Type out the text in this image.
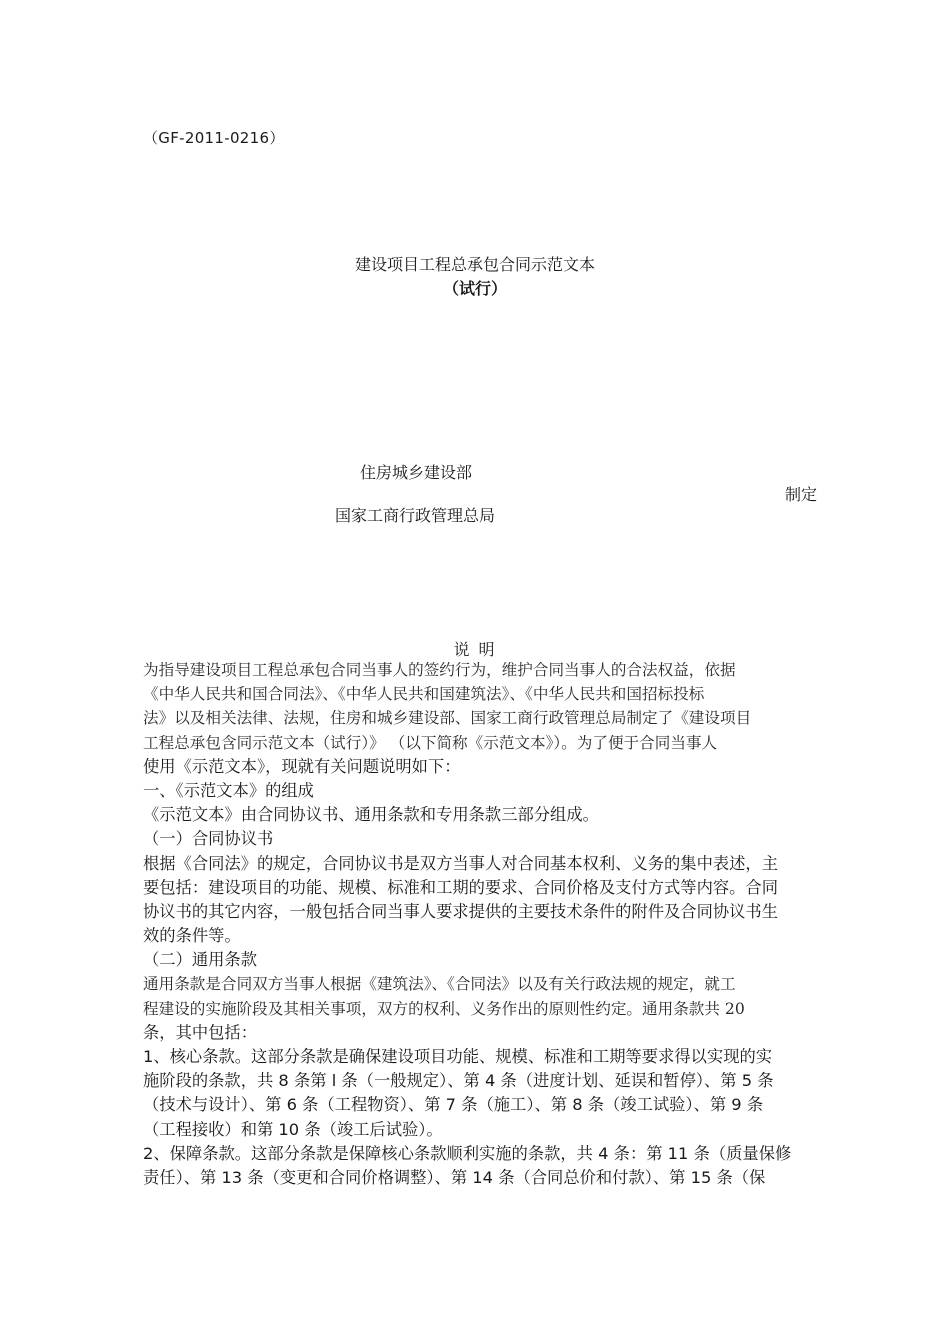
（GF-2011-0216）
建设项目工程总承包合同示范文本
（试行）
住房城乡建设部
制定
国家工商行政管理总局
说 明
为指导建设项目工程总承包合同当事人的签约行为，维护合同当事人的合法权益，依据
《中华人民共和国合同法》、《中华人民共和国建筑法》、《中华人民共和国招标投标
法》以及相关法律、法规，住房和城乡建设部、国家工商行政管理总局制定了《建设项目
工程总承包含同示范文本（试行）》 （以下简称《示范文本》）。为了便于合同当事人
使用《示范文本》，现就有关问题说明如下：
一、《示范文本》的组成
《示范文本》由合同协议书、通用条款和专用条款三部分组成。
（一）合同协议书
根据《合同法》的规定，合同协议书是双方当事人对合同基本权利、义务的集中表述，主
要包括：建设项目的功能、规模、标准和工期的要求、合同价格及支付方式等内容。合同
协议书的其它内容，一般包括合同当事人要求提供的主要技术条件的附件及合同协议书生
效的条件等。
（二）通用条款
通用条款是合同双方当事人根据《建筑法》、《合同法》以及有关行政法规的规定，就工
程建设的实施阶段及其相关事项，双方的权利、义务作出的原则性约定。通用条款共 20
条，其中包括：
1、核心条款。这部分条款是确保建设项目功能、规模、标准和工期等要求得以实现的实
施阶段的条款，共 8 条第 l 条（一般规定）、第 4 条（进度计划、延误和暂停）、第 5 条
（技术与设计）、第 6 条（工程物资）、第 7 条（施工）、第 8 条（竣工试验）、第 9 条
（工程接收）和第 10 条（竣工后试验）。
2、保障条款。这部分条款是保障核心条款顺利实施的条款，共 4 条：第 11 条（质量保修
责任）、第 13 条（变更和合同价格调整）、第 14 条（合同总价和付款）、第 15 条（保
